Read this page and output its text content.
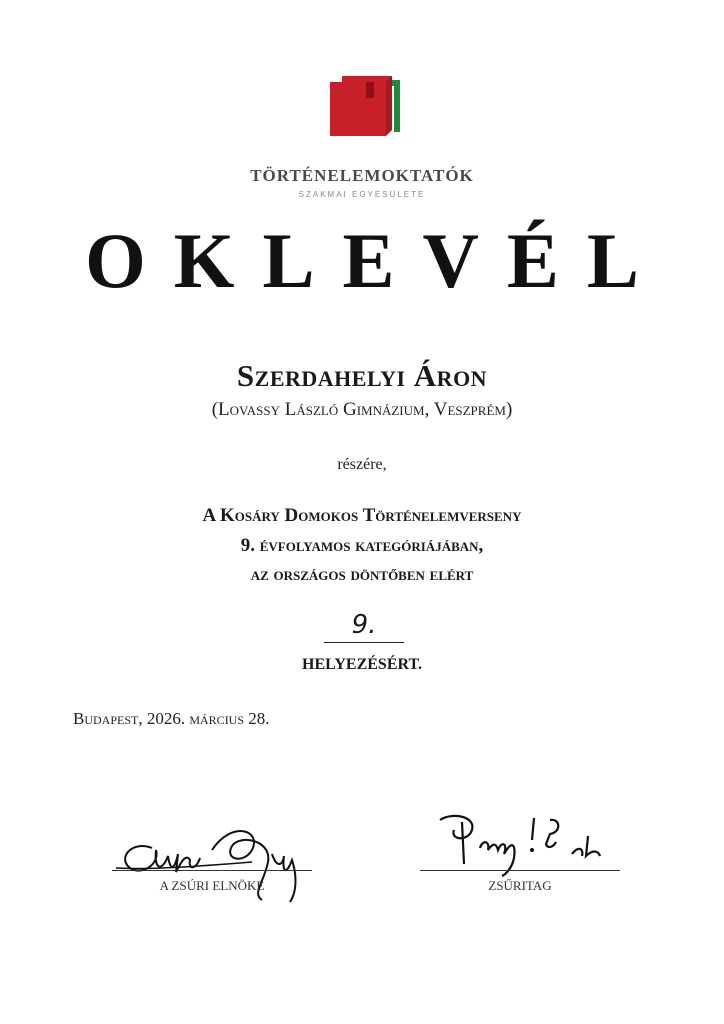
TÖRTÉNELEMOKTATÓK
SZAKMAI EGYESÜLETE
OKLEVÉL
Szerdahelyi Áron
(Lovassy László Gimnázium, Veszprém)
részére,
A Kosáry Domokos Történelemverseny
9. évfolyamos kategóriájában,
az országos döntőben elért
9.
HELYEZÉSÉRT.
Budapest, 2026. március 28.
A ZSÚRI ELNÖKE	ZSŰRITAG
